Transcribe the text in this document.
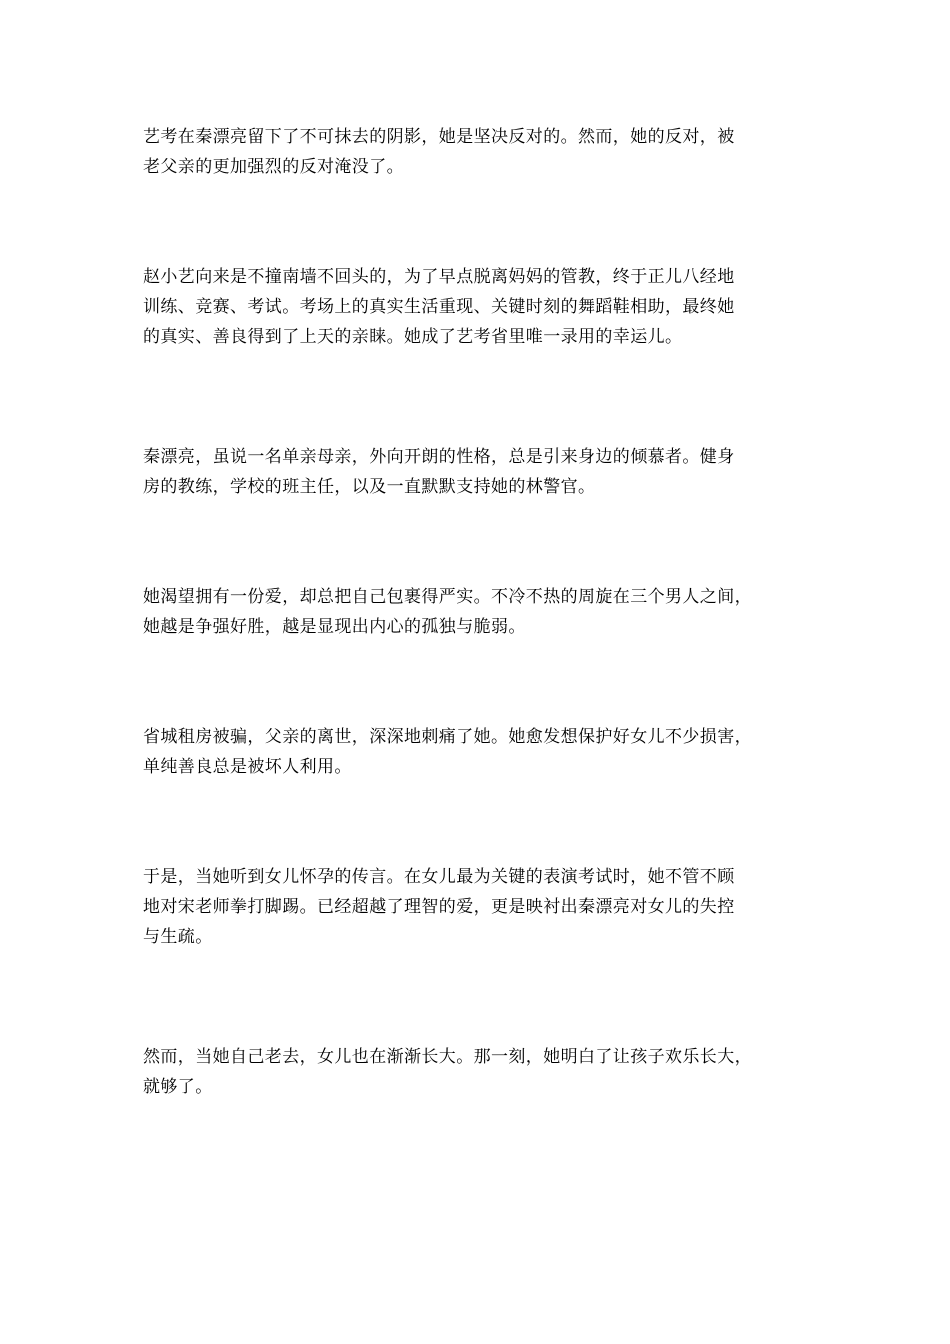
艺考在秦漂亮留下了不可抹去的阴影，她是坚决反对的。然而，她的反对，被
老父亲的更加强烈的反对淹没了。

赵小艺向来是不撞南墙不回头的，为了早点脱离妈妈的管教，终于正儿八经地
训练、竞赛、考试。考场上的真实生活重现、关键时刻的舞蹈鞋相助，最终她
的真实、善良得到了上天的亲睐。她成了艺考省里唯一录用的幸运儿。

秦漂亮，虽说一名单亲母亲，外向开朗的性格，总是引来身边的倾慕者。健身
房的教练，学校的班主任，以及一直默默支持她的林警官。

她渴望拥有一份爱，却总把自己包裹得严实。不冷不热的周旋在三个男人之间，
她越是争强好胜，越是显现出内心的孤独与脆弱。

省城租房被骗，父亲的离世，深深地刺痛了她。她愈发想保护好女儿不少损害，
单纯善良总是被坏人利用。

于是，当她听到女儿怀孕的传言。在女儿最为关键的表演考试时，她不管不顾
地对宋老师拳打脚踢。已经超越了理智的爱，更是映衬出秦漂亮对女儿的失控
与生疏。

然而，当她自己老去，女儿也在渐渐长大。那一刻，她明白了让孩子欢乐长大，
就够了。
